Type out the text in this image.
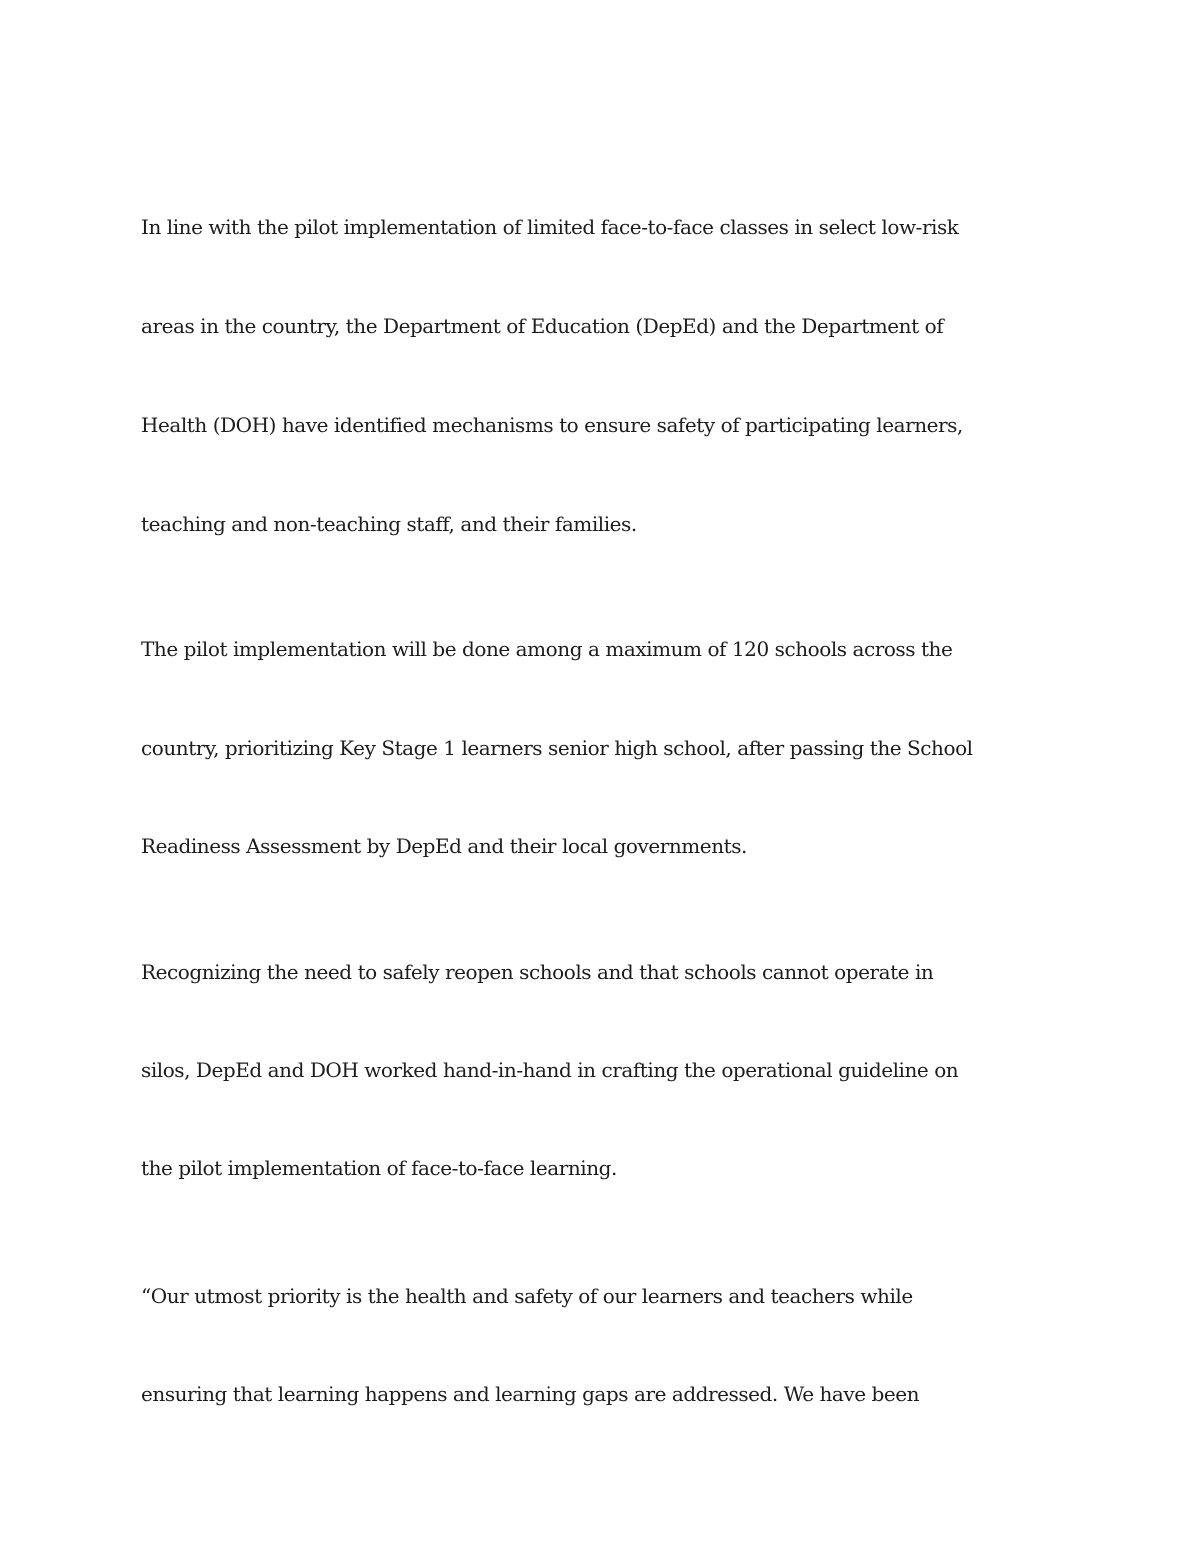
In line with the pilot implementation of limited face-to-face classes in select low-risk

areas in the country, the Department of Education (DepEd) and the Department of

Health (DOH) have identified mechanisms to ensure safety of participating learners,

teaching and non-teaching staff, and their families.

The pilot implementation will be done among a maximum of 120 schools across the

country, prioritizing Key Stage 1 learners senior high school, after passing the School

Readiness Assessment by DepEd and their local governments.

Recognizing the need to safely reopen schools and that schools cannot operate in

silos, DepEd and DOH worked hand-in-hand in crafting the operational guideline on

the pilot implementation of face-to-face learning.

“Our utmost priority is the health and safety of our learners and teachers while

ensuring that learning happens and learning gaps are addressed. We have been
